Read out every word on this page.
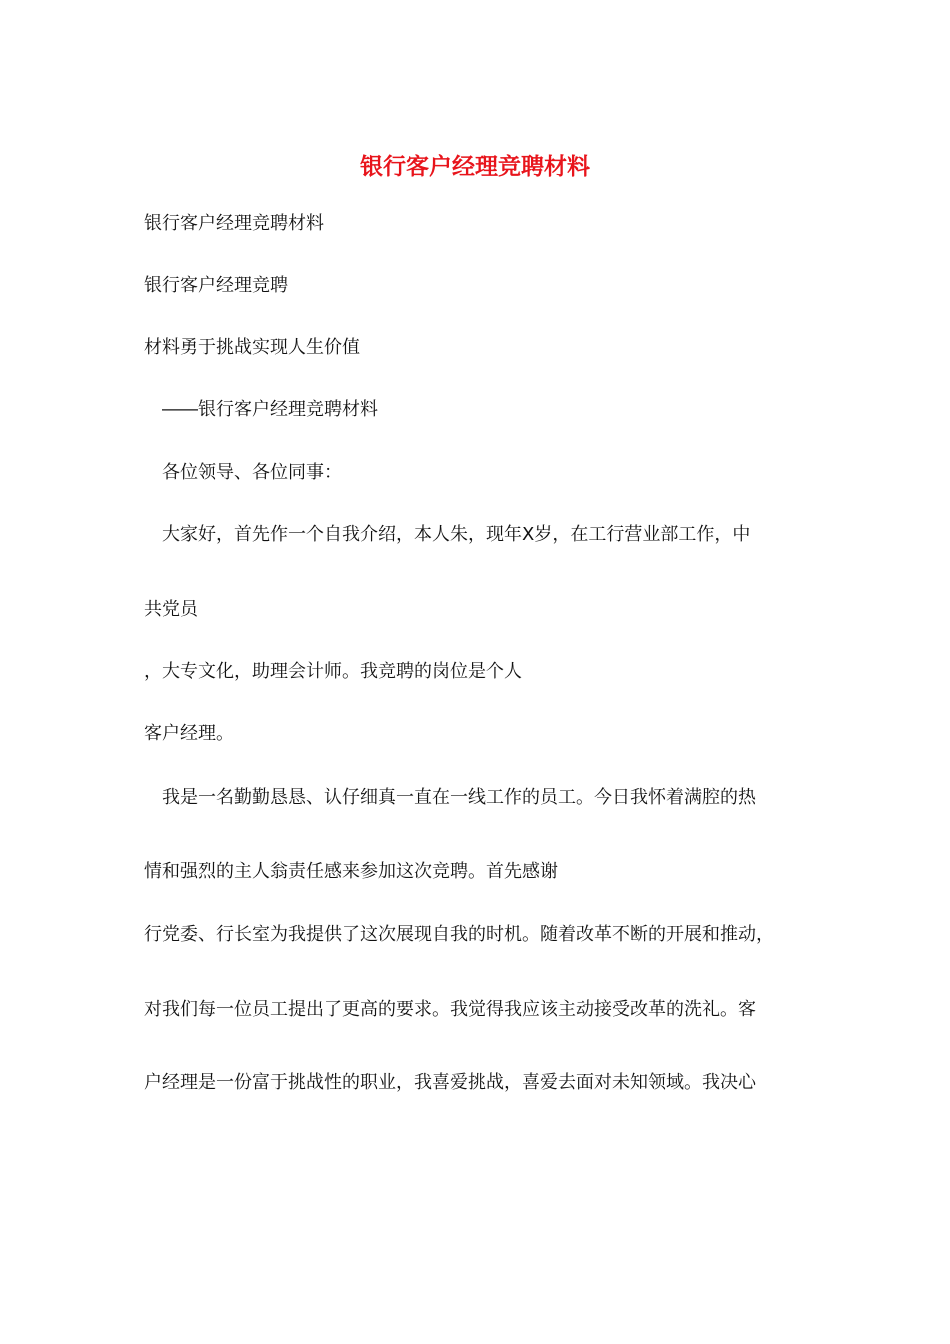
银行客户经理竞聘材料

银行客户经理竞聘材料

银行客户经理竞聘

材料勇于挑战实现人生价值

――银行客户经理竞聘材料

各位领导、各位同事：

大家好，首先作一个自我介绍，本人朱，现年X岁，在工行营业部工作，中

共党员

，大专文化，助理会计师。我竞聘的岗位是个人

客户经理。

我是一名勤勤恳恳、认仔细真一直在一线工作的员工。今日我怀着满腔的热

情和强烈的主人翁责任感来参加这次竞聘。首先感谢

行党委、行长室为我提供了这次展现自我的时机。随着改革不断的开展和推动，

对我们每一位员工提出了更高的要求。我觉得我应该主动接受改革的洗礼。客

户经理是一份富于挑战性的职业，我喜爱挑战，喜爱去面对未知领域。我决心
